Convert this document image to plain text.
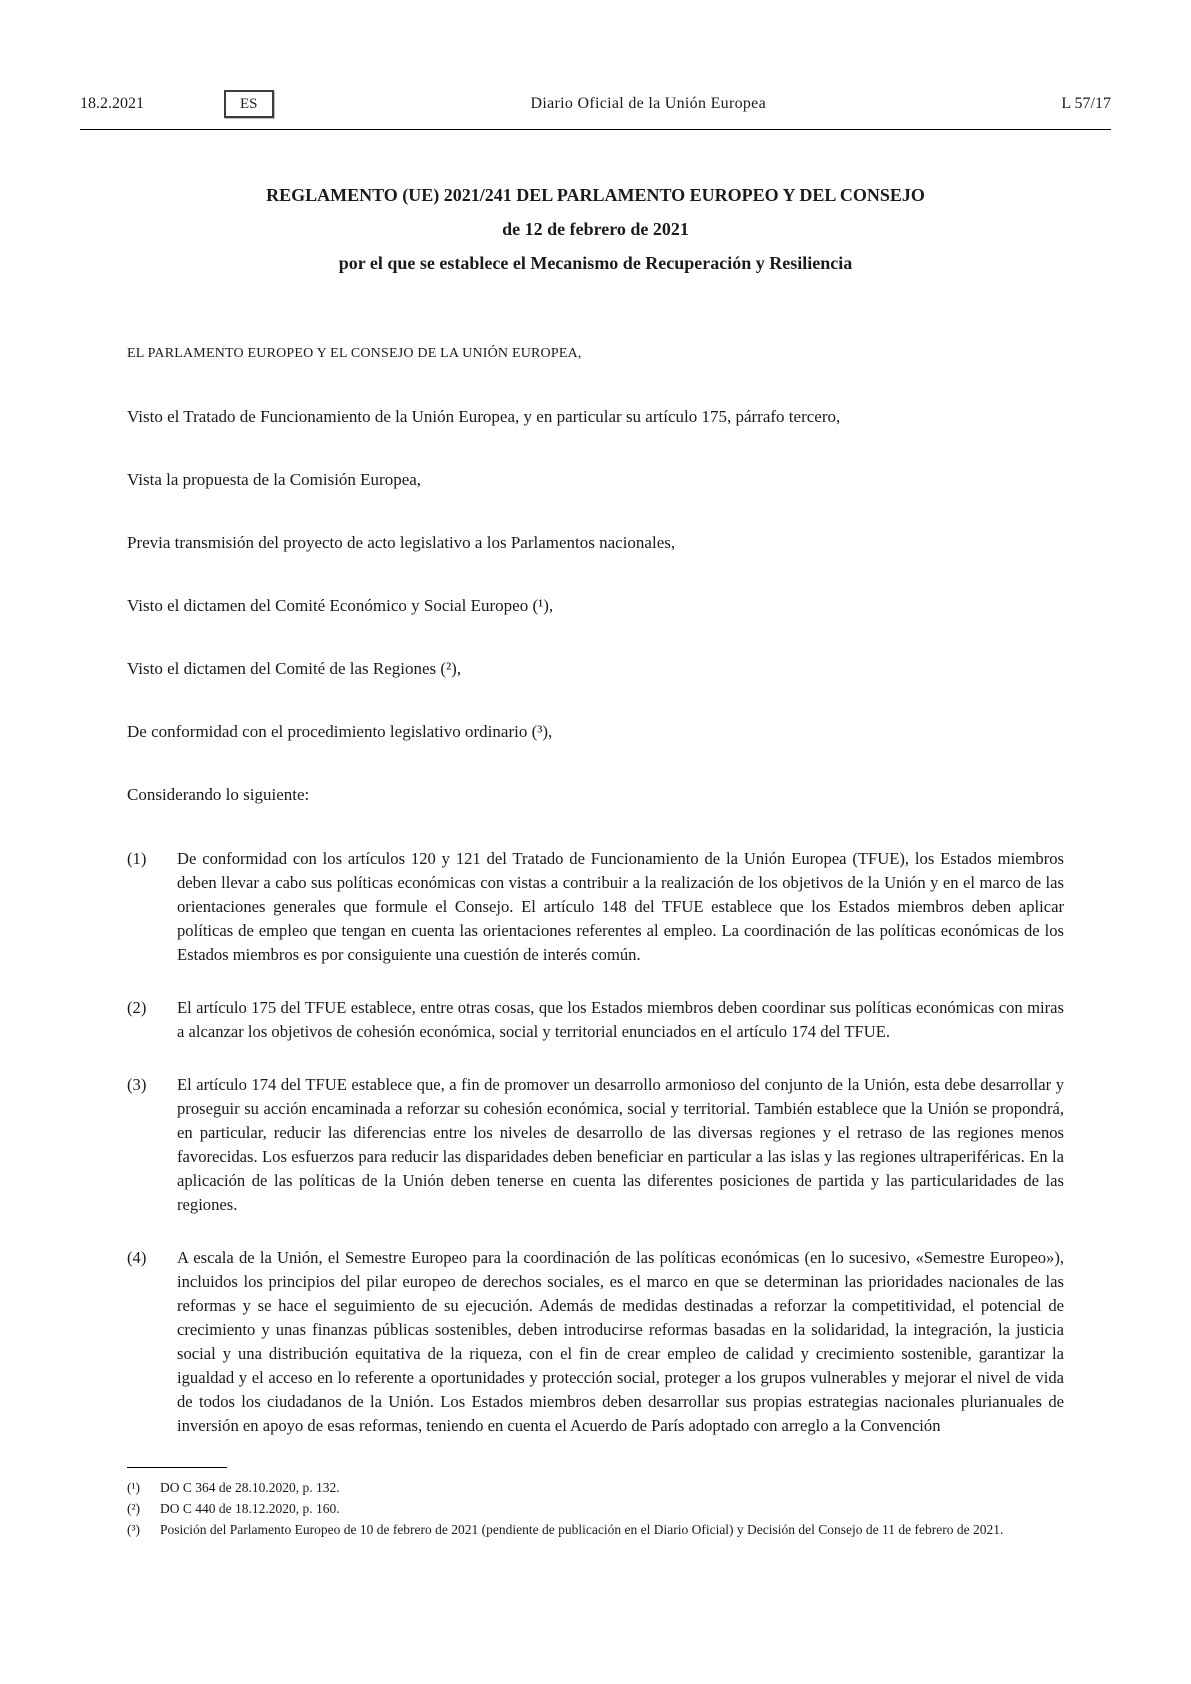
18.2.2021	ES	Diario Oficial de la Unión Europea	L 57/17

REGLAMENTO (UE) 2021/241 DEL PARLAMENTO EUROPEO Y DEL CONSEJO

de 12 de febrero de 2021

por el que se establece el Mecanismo de Recuperación y Resiliencia

EL PARLAMENTO EUROPEO Y EL CONSEJO DE LA UNIÓN EUROPEA,

Visto el Tratado de Funcionamiento de la Unión Europea, y en particular su artículo 175, párrafo tercero,

Vista la propuesta de la Comisión Europea,

Previa transmisión del proyecto de acto legislativo a los Parlamentos nacionales,

Visto el dictamen del Comité Económico y Social Europeo (¹),

Visto el dictamen del Comité de las Regiones (²),

De conformidad con el procedimiento legislativo ordinario (³),

Considerando lo siguiente:

(1)	De conformidad con los artículos 120 y 121 del Tratado de Funcionamiento de la Unión Europea (TFUE), los Estados miembros deben llevar a cabo sus políticas económicas con vistas a contribuir a la realización de los objetivos de la Unión y en el marco de las orientaciones generales que formule el Consejo. El artículo 148 del TFUE establece que los Estados miembros deben aplicar políticas de empleo que tengan en cuenta las orientaciones referentes al empleo. La coordinación de las políticas económicas de los Estados miembros es por consiguiente una cuestión de interés común.
(2)	El artículo 175 del TFUE establece, entre otras cosas, que los Estados miembros deben coordinar sus políticas económicas con miras a alcanzar los objetivos de cohesión económica, social y territorial enunciados en el artículo 174 del TFUE.
(3)	El artículo 174 del TFUE establece que, a fin de promover un desarrollo armonioso del conjunto de la Unión, esta debe desarrollar y proseguir su acción encaminada a reforzar su cohesión económica, social y territorial. También establece que la Unión se propondrá, en particular, reducir las diferencias entre los niveles de desarrollo de las diversas regiones y el retraso de las regiones menos favorecidas. Los esfuerzos para reducir las disparidades deben beneficiar en particular a las islas y las regiones ultraperiféricas. En la aplicación de las políticas de la Unión deben tenerse en cuenta las diferentes posiciones de partida y las particularidades de las regiones.
(4)	A escala de la Unión, el Semestre Europeo para la coordinación de las políticas económicas (en lo sucesivo, «Semestre Europeo»), incluidos los principios del pilar europeo de derechos sociales, es el marco en que se determinan las prioridades nacionales de las reformas y se hace el seguimiento de su ejecución. Además de medidas destinadas a reforzar la competitividad, el potencial de crecimiento y unas finanzas públicas sostenibles, deben introducirse reformas basadas en la solidaridad, la integración, la justicia social y una distribución equitativa de la riqueza, con el fin de crear empleo de calidad y crecimiento sostenible, garantizar la igualdad y el acceso en lo referente a oportunidades y protección social, proteger a los grupos vulnerables y mejorar el nivel de vida de todos los ciudadanos de la Unión. Los Estados miembros deben desarrollar sus propias estrategias nacionales plurianuales de inversión en apoyo de esas reformas, teniendo en cuenta el Acuerdo de París adoptado con arreglo a la Convención
(¹)	DO C 364 de 28.10.2020, p. 132.
(²)	DO C 440 de 18.12.2020, p. 160.
(³)	Posición del Parlamento Europeo de 10 de febrero de 2021 (pendiente de publicación en el Diario Oficial) y Decisión del Consejo de 11 de febrero de 2021.
